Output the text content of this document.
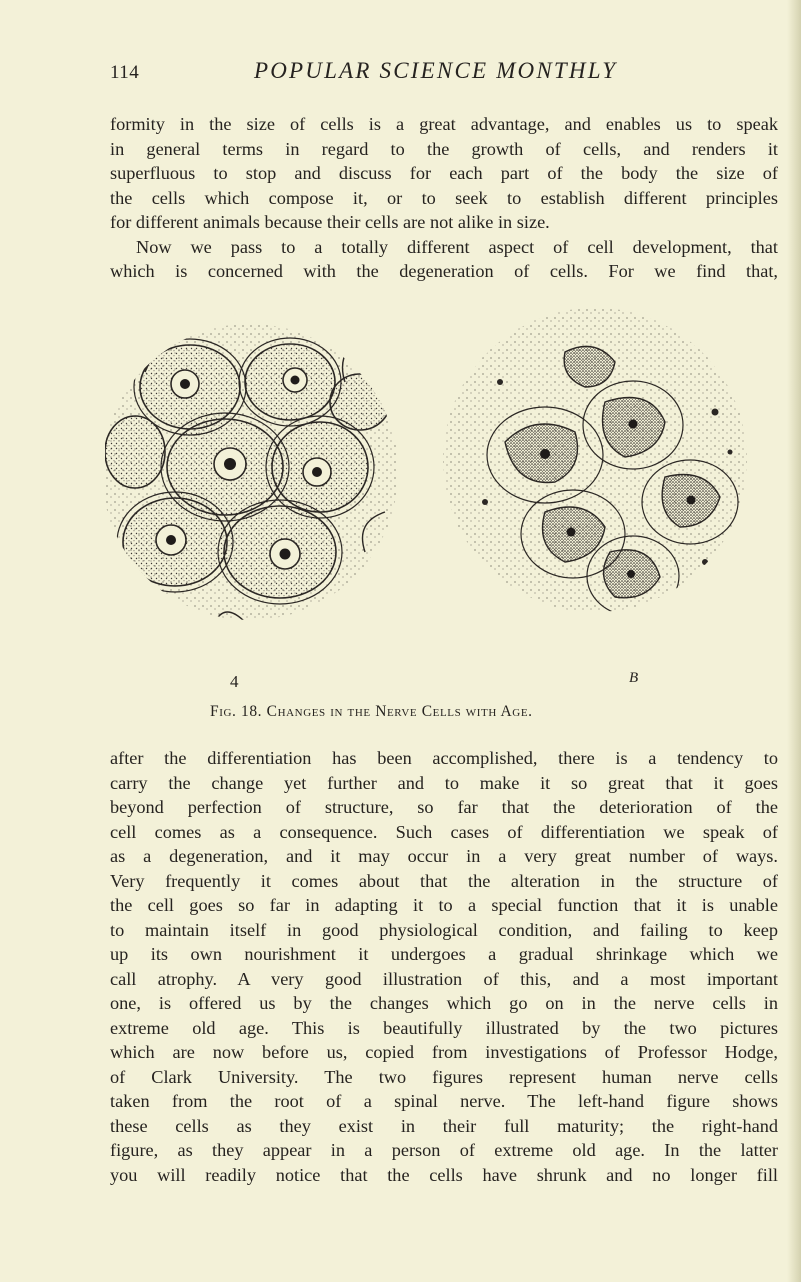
114	POPULAR SCIENCE MONTHLY

formity in the size of cells is a great advantage, and enables us to speak
in general terms in regard to the growth of cells, and renders it
superfluous to stop and discuss for each part of the body the size of
the cells which compose it, or to seek to establish different principles
for different animals because their cells are not alike in size.
Now we pass to a totally different aspect of cell development, that
which is concerned with the degeneration of cells. For we find that,

4	B
Fig. 18. Changes in the Nerve Cells with Age.

after the differentiation has been accomplished, there is a tendency to
carry the change yet further and to make it so great that it goes
beyond perfection of structure, so far that the deterioration of the
cell comes as a consequence. Such cases of differentiation we speak of
as a degeneration, and it may occur in a very great number of ways.
Very frequently it comes about that the alteration in the structure of
the cell goes so far in adapting it to a special function that it is unable
to maintain itself in good physiological condition, and failing to keep
up its own nourishment it undergoes a gradual shrinkage which we
call atrophy. A very good illustration of this, and a most important
one, is offered us by the changes which go on in the nerve cells in
extreme old age. This is beautifully illustrated by the two pictures
which are now before us, copied from investigations of Professor Hodge,
of Clark University. The two figures represent human nerve cells
taken from the root of a spinal nerve. The left-hand figure shows
these cells as they exist in their full maturity; the right-hand
figure, as they appear in a person of extreme old age. In the latter
you will readily notice that the cells have shrunk and no longer fill
